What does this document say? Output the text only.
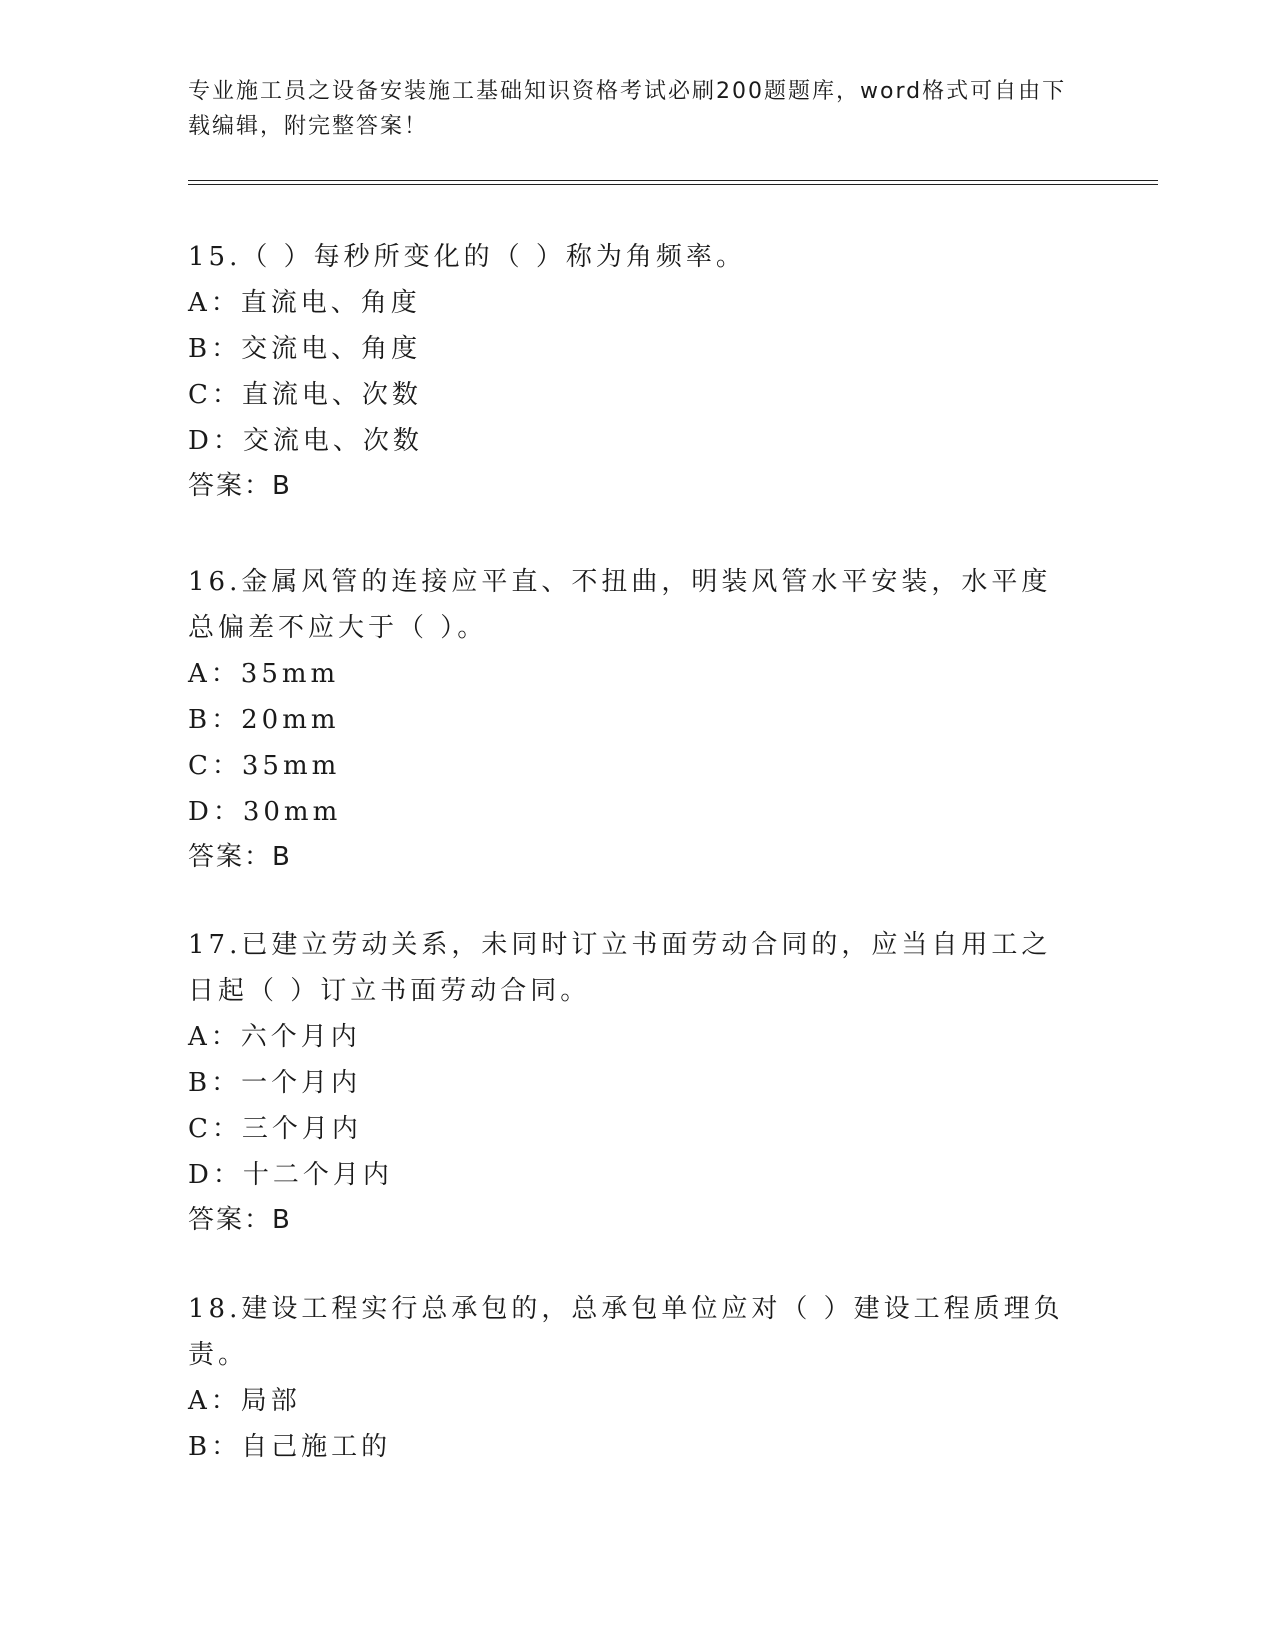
专业施工员之设备安装施工基础知识资格考试必刷200题题库，word格式可自由下载编辑，附完整答案！
15.（ ）每秒所变化的（ ）称为角频率。
A：直流电、角度
B：交流电、角度
C：直流电、次数
D：交流电、次数
答案：B
16.金属风管的连接应平直、不扭曲，明装风管水平安装，水平度总偏差不应大于（ ）。
A：35mm
B：20mm
C：35mm
D：30mm
答案：B
17.已建立劳动关系，未同时订立书面劳动合同的，应当自用工之日起（ ）订立书面劳动合同。
A：六个月内
B：一个月内
C：三个月内
D：十二个月内
答案：B
18.建设工程实行总承包的，总承包单位应对（ ）建设工程质理负责。
A：局部
B：自己施工的
